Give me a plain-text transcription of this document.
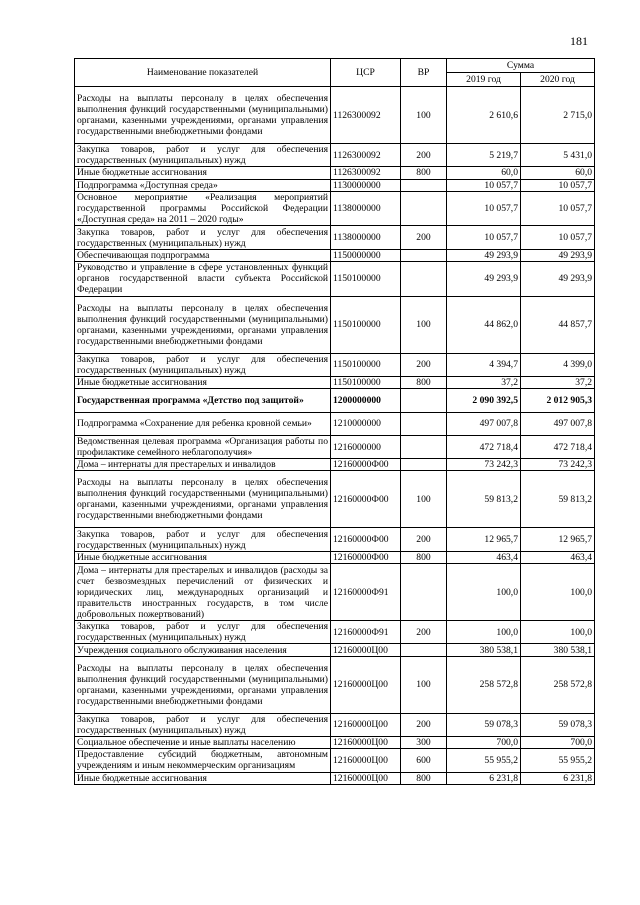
181
Наименование показателей	ЦСР	ВР	Сумма	
			2019 год	2020 год
Расходы на выплаты персоналу в целях обеспечения выполнения функций государственными (муниципальными) органами, казенными учреждениями, органами управления государственными внебюджетными фондами	1126300092	100	2 610,6	2 715,0
Закупка товаров, работ и услуг для обеспечения государственных (муниципальных) нужд	1126300092	200	5 219,7	5 431,0
Иные бюджетные ассигнования	1126300092	800	60,0	60,0
Подпрограмма «Доступная среда»	1130000000		10 057,7	10 057,7
Основное мероприятие «Реализация мероприятий государственной программы Российской Федерации «Доступная среда» на 2011 – 2020 годы»	1138000000		10 057,7	10 057,7
Закупка товаров, работ и услуг для обеспечения государственных (муниципальных) нужд	1138000000	200	10 057,7	10 057,7
Обеспечивающая подпрограмма	1150000000		49 293,9	49 293,9
Руководство и управление в сфере установленных функций органов государственной власти субъекта Российской Федерации	1150100000		49 293,9	49 293,9
Расходы на выплаты персоналу в целях обеспечения выполнения функций государственными (муниципальными) органами, казенными учреждениями, органами управления государственными внебюджетными фондами	1150100000	100	44 862,0	44 857,7
Закупка товаров, работ и услуг для обеспечения государственных (муниципальных) нужд	1150100000	200	4 394,7	4 399,0
Иные бюджетные ассигнования	1150100000	800	37,2	37,2
Государственная программа «Детство под защитой»	1200000000		2 090 392,5	2 012 905,3
Подпрограмма «Сохранение для ребенка кровной семьи»	1210000000		497 007,8	497 007,8
Ведомственная целевая программа «Организация работы по профилактике семейного неблагополучия»	1216000000		472 718,4	472 718,4
Дома – интернаты для престарелых и инвалидов	12160000Ф00		73 242,3	73 242,3
Расходы на выплаты персоналу в целях обеспечения выполнения функций государственными (муниципальными) органами, казенными учреждениями, органами управления государственными внебюджетными фондами	12160000Ф00	100	59 813,2	59 813,2
Закупка товаров, работ и услуг для обеспечения государственных (муниципальных) нужд	12160000Ф00	200	12 965,7	12 965,7
Иные бюджетные ассигнования	12160000Ф00	800	463,4	463,4
Дома – интернаты для престарелых и инвалидов (расходы за счет безвозмездных перечислений от физических и юридических лиц, международных организаций и правительств иностранных государств, в том числе добровольных пожертвований)	12160000Ф91		100,0	100,0
Закупка товаров, работ и услуг для обеспечения государственных (муниципальных) нужд	12160000Ф91	200	100,0	100,0
Учреждения социального обслуживания населения	12160000Ц00		380 538,1	380 538,1
Расходы на выплаты персоналу в целях обеспечения выполнения функций государственными (муниципальными) органами, казенными учреждениями, органами управления государственными внебюджетными фондами	12160000Ц00	100	258 572,8	258 572,8
Закупка товаров, работ и услуг для обеспечения государственных (муниципальных) нужд	12160000Ц00	200	59 078,3	59 078,3
Социальное обеспечение и иные выплаты населению	12160000Ц00	300	700,0	700,0
Предоставление субсидий бюджетным, автономным учреждениям и иным некоммерческим организациям	12160000Ц00	600	55 955,2	55 955,2
Иные бюджетные ассигнования	12160000Ц00	800	6 231,8	6 231,8
